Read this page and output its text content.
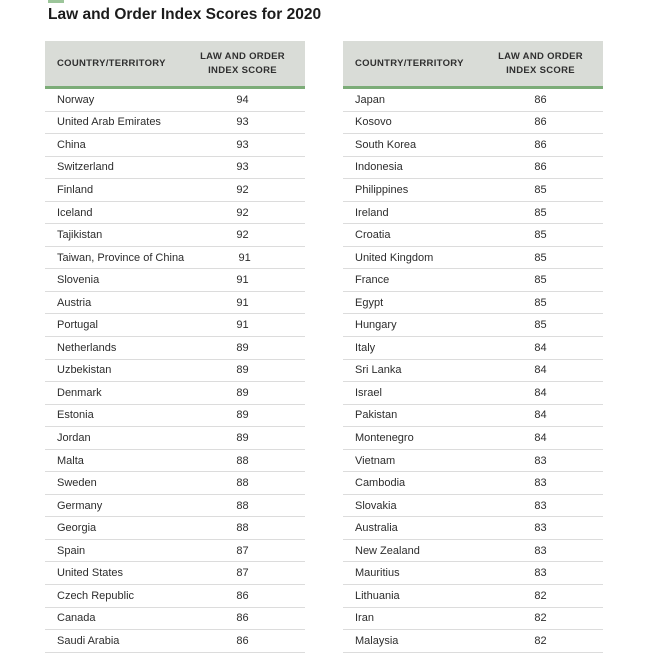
Law and Order Index Scores for 2020
COUNTRY/TERRITORY
LAW AND ORDER
INDEX SCORE
Norway	94
United Arab Emirates	93
China	93
Switzerland	93
Finland	92
Iceland	92
Tajikistan	92
Taiwan, Province of China	91
Slovenia	91
Austria	91
Portugal	91
Netherlands	89
Uzbekistan	89
Denmark	89
Estonia	89
Jordan	89
Malta	88
Sweden	88
Germany	88
Georgia	88
Spain	87
United States	87
Czech Republic	86
Canada	86
Saudi Arabia	86
COUNTRY/TERRITORY
LAW AND ORDER
INDEX SCORE
Japan	86
Kosovo	86
South Korea	86
Indonesia	86
Philippines	85
Ireland	85
Croatia	85
United Kingdom	85
France	85
Egypt	85
Hungary	85
Italy	84
Sri Lanka	84
Israel	84
Pakistan	84
Montenegro	84
Vietnam	83
Cambodia	83
Slovakia	83
Australia	83
New Zealand	83
Mauritius	83
Lithuania	82
Iran	82
Malaysia	82
